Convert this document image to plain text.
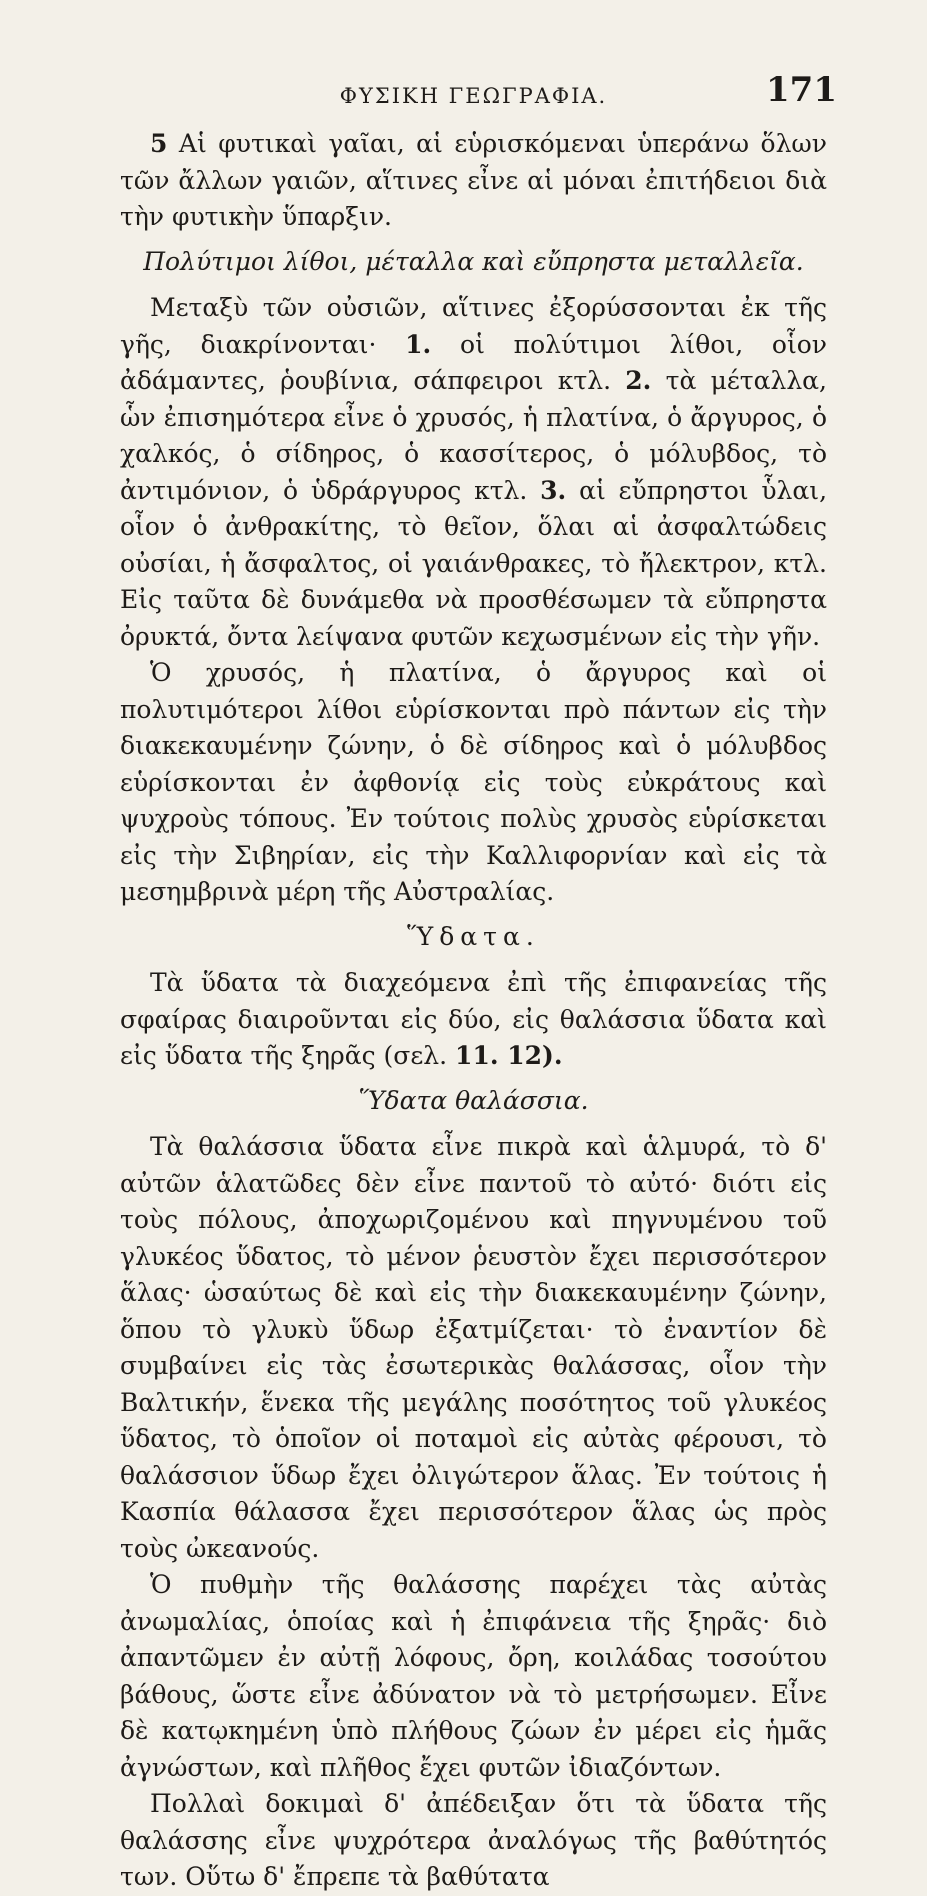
ΦΥΣΙΚΗ ΓΕΩΓΡΑΦΙΑ.	171

5 Αἱ φυτικαὶ γαῖαι, αἱ εὑρισκόμεναι ὑπεράνω ὅλων τῶν ἄλλων γαιῶν, αἵτινες εἶνε αἱ μόναι ἐπιτήδειοι διὰ τὴν φυτικὴν ὕπαρξιν.

Πολύτιμοι λίθοι, μέταλλα καὶ εὔπρηστα μεταλλεῖα.

Μεταξὺ τῶν οὐσιῶν, αἵτινες ἐξορύσσονται ἐκ τῆς γῆς, διακρίνονται· 1. οἱ πολύτιμοι λίθοι, οἷον ἀδάμαντες, ῥουβίνια, σάπφειροι κτλ. 2. τὰ μέταλλα, ὧν ἐπισημότερα εἶνε ὁ χρυσός, ἡ πλατίνα, ὁ ἄργυρος, ὁ χαλκός, ὁ σίδηρος, ὁ κασσίτερος, ὁ μόλυβδος, τὸ ἀντιμόνιον, ὁ ὑδράργυρος κτλ. 3. αἱ εὔπρηστοι ὗλαι, οἷον ὁ ἀνθρακίτης, τὸ θεῖον, ὅλαι αἱ ἀσφαλτώδεις οὐσίαι, ἡ ἄσφαλτος, οἱ γαιάνθρακες, τὸ ἤλεκτρον, κτλ. Εἰς ταῦτα δὲ δυνάμεθα νὰ προσθέσωμεν τὰ εὔπρηστα ὀρυκτά, ὄντα λείψανα φυτῶν κεχωσμένων εἰς τὴν γῆν.

Ὁ χρυσός, ἡ πλατίνα, ὁ ἄργυρος καὶ οἱ πολυτιμότεροι λίθοι εὑρίσκονται πρὸ πάντων εἰς τὴν διακεκαυμένην ζώνην, ὁ δὲ σίδηρος καὶ ὁ μόλυβδος εὑρίσκονται ἐν ἀφθονίᾳ εἰς τοὺς εὐκράτους καὶ ψυχροὺς τόπους. Ἐν τούτοις πολὺς χρυσὸς εὑρίσκεται εἰς τὴν Σιβηρίαν, εἰς τὴν Καλλιφορνίαν καὶ εἰς τὰ μεσημβρινὰ μέρη τῆς Αὐστραλίας.

Ὕδατα.

Τὰ ὕδατα τὰ διαχεόμενα ἐπὶ τῆς ἐπιφανείας τῆς σφαίρας διαιροῦνται εἰς δύο, εἰς θαλάσσια ὕδατα καὶ εἰς ὕδατα τῆς ξηρᾶς (σελ. 11. 12).

Ὕδατα θαλάσσια.

Τὰ θαλάσσια ὕδατα εἶνε πικρὰ καὶ ἁλμυρά, τὸ δ' αὐτῶν ἁλατῶδες δὲν εἶνε παντοῦ τὸ αὐτό· διότι εἰς τοὺς πόλους, ἀποχωριζομένου καὶ πηγνυμένου τοῦ γλυκέος ὕδατος, τὸ μένον ῥευστὸν ἔχει περισσότερον ἅλας· ὡσαύτως δὲ καὶ εἰς τὴν διακεκαυμένην ζώνην, ὅπου τὸ γλυκὺ ὕδωρ ἐξατμίζεται· τὸ ἐναντίον δὲ συμβαίνει εἰς τὰς ἐσωτερικὰς θαλάσσας, οἷον τὴν Βαλτικήν, ἕνεκα τῆς μεγάλης ποσότητος τοῦ γλυκέος ὕδατος, τὸ ὁποῖον οἱ ποταμοὶ εἰς αὐτὰς φέρουσι, τὸ θαλάσσιον ὕδωρ ἔχει ὀλιγώτερον ἅλας. Ἐν τούτοις ἡ Κασπία θάλασσα ἔχει περισσότερον ἅλας ὡς πρὸς τοὺς ὠκεανούς.

Ὁ πυθμὴν τῆς θαλάσσης παρέχει τὰς αὐτὰς ἀνωμαλίας, ὁποίας καὶ ἡ ἐπιφάνεια τῆς ξηρᾶς· διὸ ἀπαντῶμεν ἐν αὐτῇ λόφους, ὄρη, κοιλάδας τοσούτου βάθους, ὥστε εἶνε ἀδύνατον νὰ τὸ μετρήσωμεν. Εἶνε δὲ κατῳκημένη ὑπὸ πλήθους ζώων ἐν μέρει εἰς ἡμᾶς ἀγνώστων, καὶ πλῆθος ἔχει φυτῶν ἰδιαζόντων.

Πολλαὶ δοκιμαὶ δ' ἀπέδειξαν ὅτι τὰ ὕδατα τῆς θαλάσσης εἶνε ψυχρότερα ἀναλόγως τῆς βαθύτητός των. Οὕτω δ' ἔπρεπε τὰ βαθύτατα
